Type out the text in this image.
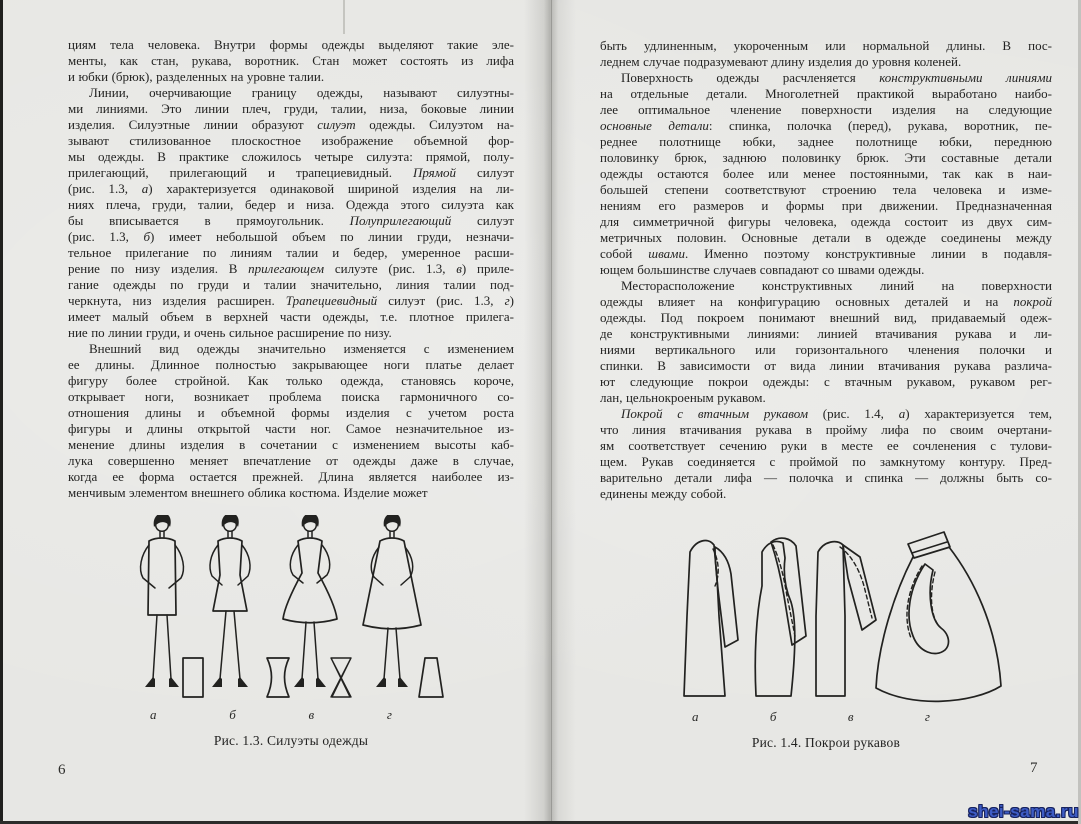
циям тела человека. Внутри формы одежды выделяют такие эле-
менты, как стан, рукава, воротник. Стан может состоять из лифа
и юбки (брюк), разделенных на уровне талии.
Линии, очерчивающие границу одежды, называют силуэтны-
ми линиями. Это линии плеч, груди, талии, низа, боковые линии
изделия. Силуэтные линии образуют силуэт одежды. Силуэтом на-
зывают стилизованное плоскостное изображение объемной фор-
мы одежды. В практике сложилось четыре силуэта: прямой, полу-
прилегающий, прилегающий и трапециевидный. Прямой силуэт
(рис. 1.3, а) характеризуется одинаковой шириной изделия на ли-
ниях плеча, груди, талии, бедер и низа. Одежда этого силуэта как
бы вписывается в прямоугольник. Полуприлегающий силуэт
(рис. 1.3, б) имеет небольшой объем по линии груди, незначи-
тельное прилегание по линиям талии и бедер, умеренное расши-
рение по низу изделия. В прилегающем силуэте (рис. 1.3, в) приле-
гание одежды по груди и талии значительно, линия талии под-
черкнута, низ изделия расширен. Трапециевидный силуэт (рис. 1.3, г)
имеет малый объем в верхней части одежды, т.е. плотное прилега-
ние по линии груди, и очень сильное расширение по низу.
Внешний вид одежды значительно изменяется с изменением
ее длины. Длинное полностью закрывающее ноги платье делает
фигуру более стройной. Как только одежда, становясь короче,
открывает ноги, возникает проблема поиска гармоничного со-
отношения длины и объемной формы изделия с учетом роста
фигуры и длины открытой части ног. Самое незначительное из-
менение длины изделия в сочетании с изменением высоты каб-
лука совершенно меняет впечатление от одежды даже в случае,
когда ее форма остается прежней. Длина является наиболее из-
менчивым элементом внешнего облика костюма. Изделие может
а	б	в	г
Рис. 1.3. Силуэты одежды
6
быть удлиненным, укороченным или нормальной длины. В пос-
леднем случае подразумевают длину изделия до уровня коленей.
Поверхность одежды расчленяется конструктивными линиями
на отдельные детали. Многолетней практикой выработано наибо-
лее оптимальное членение поверхности изделия на следующие
основные детали: спинка, полочка (перед), рукава, воротник, пе-
реднее полотнище юбки, заднее полотнище юбки, переднюю
половинку брюк, заднюю половинку брюк. Эти составные детали
одежды остаются более или менее постоянными, так как в наи-
большей степени соответствуют строению тела человека и изме-
нениям его размеров и формы при движении. Предназначенная
для симметричной фигуры человека, одежда состоит из двух сим-
метричных половин. Основные детали в одежде соединены между
собой швами. Именно поэтому конструктивные линии в подавля-
ющем большинстве случаев совпадают со швами одежды.
Месторасположение конструктивных линий на поверхности
одежды влияет на конфигурацию основных деталей и на покрой
одежды. Под покроем понимают внешний вид, придаваемый одеж-
де конструктивными линиями: линией втачивания рукава и ли-
ниями вертикального или горизонтального членения полочки и
спинки. В зависимости от вида линии втачивания рукава различа-
ют следующие покрои одежды: с втачным рукавом, рукавом рег-
лан, цельнокроеным рукавом.
Покрой с втачным рукавом (рис. 1.4, а) характеризуется тем,
что линия втачивания рукава в пройму лифа по своим очертани-
ям соответствует сечению руки в месте ее сочленения с тулови-
щем. Рукав соединяется с проймой по замкнутому контуру. Пред-
варительно детали лифа — полочка и спинка — должны быть со-
единены между собой.
а	б	в	г
Рис. 1.4. Покрои рукавов
7
shei-sama.ru
